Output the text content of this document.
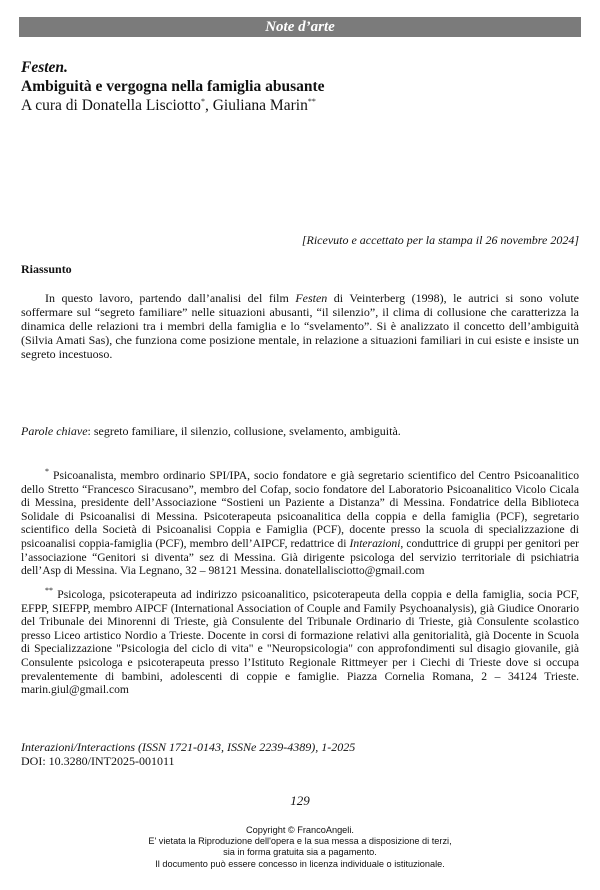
Note d’arte
Festen.
Ambiguità e vergogna nella famiglia abusante
A cura di Donatella Lisciotto*, Giuliana Marin**
[Ricevuto e accettato per la stampa il 26 novembre 2024]
Riassunto

In questo lavoro, partendo dall’analisi del film Festen di Veinterberg (1998), le autrici si sono volute soffermare sul “segreto familiare” nelle situazioni abusanti, “il silenzio”, il clima di collusione che caratterizza la dinamica delle relazioni tra i membri della famiglia e lo “svelamento”. Si è analizzato il concetto dell’ambiguità (Silvia Amati Sas), che funziona come posizione mentale, in relazione a situazioni familiari in cui esiste e insiste un segreto incestuoso.

Parole chiave: segreto familiare, il silenzio, collusione, svelamento, ambiguità.

* Psicoanalista, membro ordinario SPI/IPA, socio fondatore e già segretario scientifico del Centro Psicoanalitico dello Stretto “Francesco Siracusano”, membro del Cofap, socio fondatore del Laboratorio Psicoanalitico Vicolo Cicala di Messina, presidente dell’Associazione “Sostieni un Paziente a Distanza” di Messina. Fondatrice della Biblioteca Solidale di Psicoanalisi di Messina. Psicoterapeuta psicoanalitica della coppia e della famiglia (PCF), segretario scientifico della Società di Psicoanalisi Coppia e Famiglia (PCF), docente presso la scuola di specializzazione di psicoanalisi coppia-famiglia (PCF), membro dell’AIPCF, redattrice di Interazioni, conduttrice di gruppi per genitori per l’associazione “Genitori si diventa” sez di Messina. Già dirigente psicologa del servizio territoriale di psichiatria dell’Asp di Messina. Via Legnano, 32 – 98121 Messina. donatellalisciotto@gmail.com

** Psicologa, psicoterapeuta ad indirizzo psicoanalitico, psicoterapeuta della coppia e della famiglia, socia PCF, EFPP, SIEFPP, membro AIPCF (International Association of Couple and Family Psychoanalysis), già Giudice Onorario del Tribunale dei Minorenni di Trieste, già Consulente del Tribunale Ordinario di Trieste, già Consulente scolastico presso Liceo artistico Nordio a Trieste. Docente in corsi di formazione relativi alla genitorialità, già Docente in Scuola di Specializzazione "Psicologia del ciclo di vita" e "Neuropsicologia" con approfondimenti sul disagio giovanile, già Consulente psicologa e psicoterapeuta presso l’Istituto Regionale Rittmeyer per i Ciechi di Trieste dove si occupa prevalentemente di bambini, adolescenti di coppie e famiglie. Piazza Cornelia Romana, 2 – 34124 Trieste. marin.giul@gmail.com

Interazioni/Interactions (ISSN 1721-0143, ISSNe 2239-4389), 1-2025
DOI: 10.3280/INT2025-001011
129
Copyright © FrancoAngeli.
E' vietata la Riproduzione dell'opera e la sua messa a disposizione di terzi,
sia in forma gratuita sia a pagamento.
Il documento può essere concesso in licenza individuale o istituzionale.
